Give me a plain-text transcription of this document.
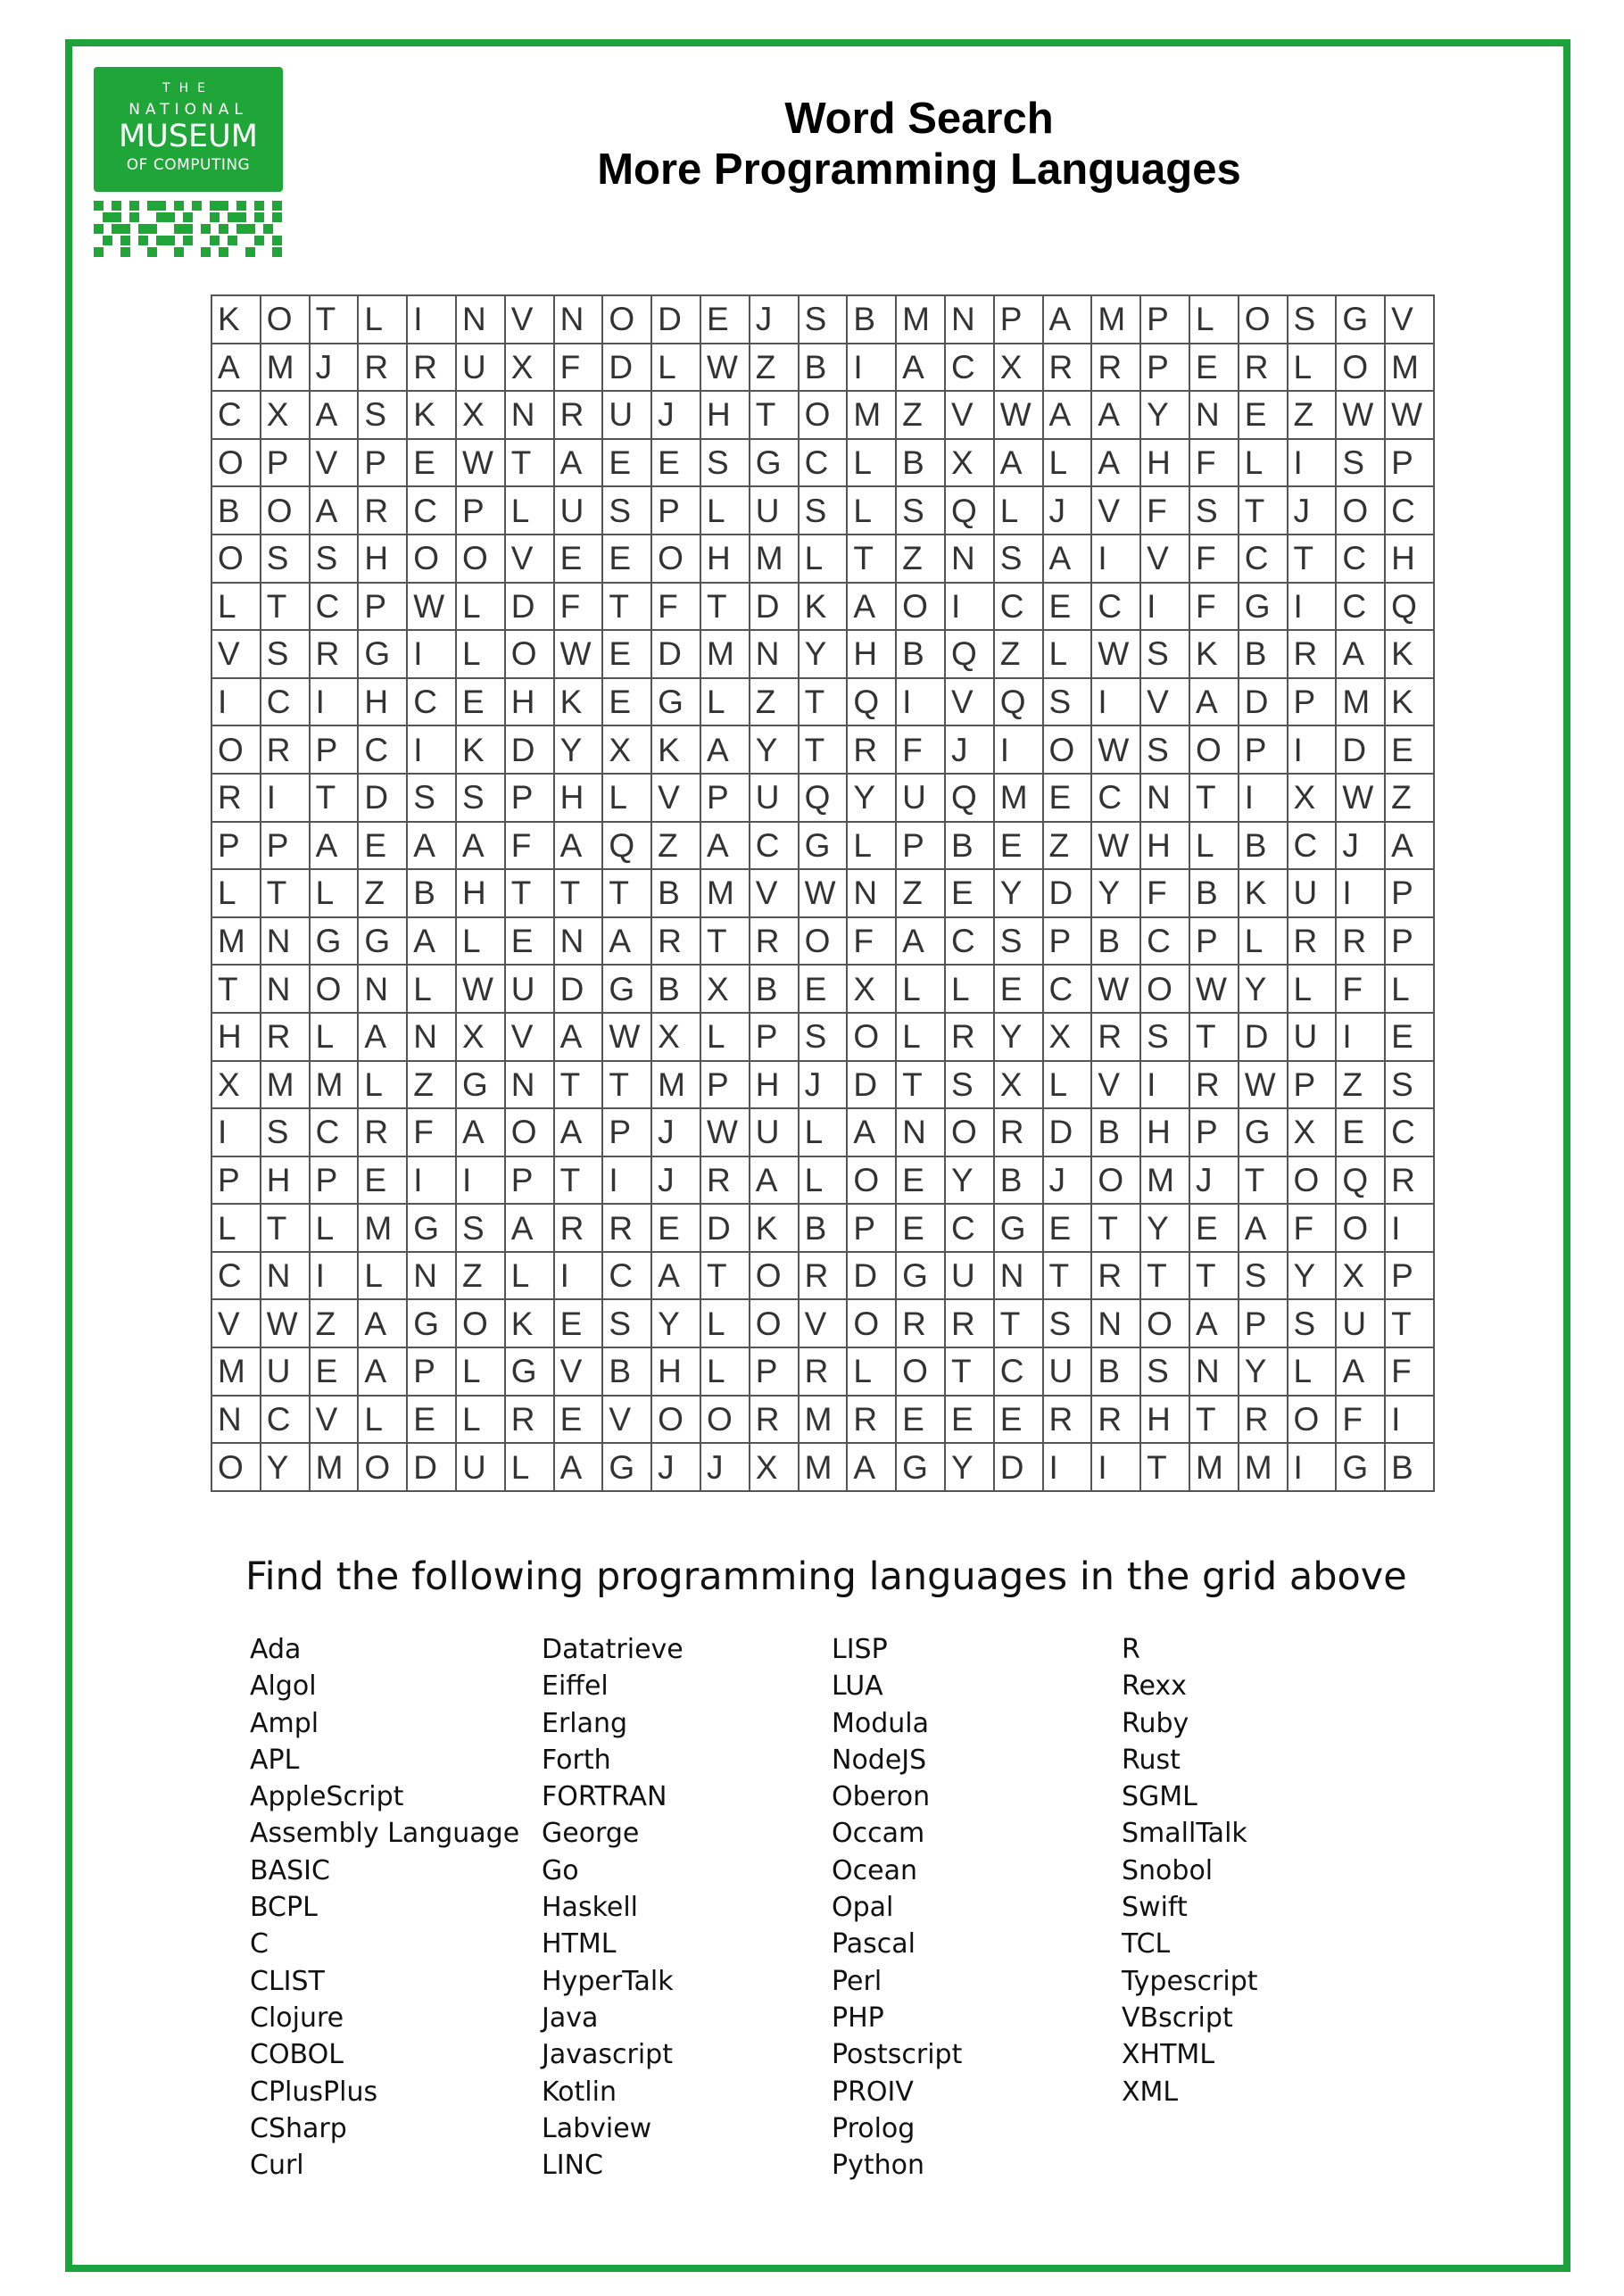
THE
NATIONAL
MUSEUM
OF COMPUTING
Word Search
More Programming Languages
K	O	T	L	I	N	V	N	O	D	E	J	S	B	M	N	P	A	M	P	L	O	S	G	V

A	M	J	R	R	U	X	F	D	L	W	Z	B	I	A	C	X	R	R	P	E	R	L	O	M

C	X	A	S	K	X	N	R	U	J	H	T	O	M	Z	V	W	A	A	Y	N	E	Z	W	W

O	P	V	P	E	W	T	A	E	E	S	G	C	L	B	X	A	L	A	H	F	L	I	S	P

B	O	A	R	C	P	L	U	S	P	L	U	S	L	S	Q	L	J	V	F	S	T	J	O	C

O	S	S	H	O	O	V	E	E	O	H	M	L	T	Z	N	S	A	I	V	F	C	T	C	H

L	T	C	P	W	L	D	F	T	F	T	D	K	A	O	I	C	E	C	I	F	G	I	C	Q

V	S	R	G	I	L	O	W	E	D	M	N	Y	H	B	Q	Z	L	W	S	K	B	R	A	K

I	C	I	H	C	E	H	K	E	G	L	Z	T	Q	I	V	Q	S	I	V	A	D	P	M	K

O	R	P	C	I	K	D	Y	X	K	A	Y	T	R	F	J	I	O	W	S	O	P	I	D	E

R	I	T	D	S	S	P	H	L	V	P	U	Q	Y	U	Q	M	E	C	N	T	I	X	W	Z

P	P	A	E	A	A	F	A	Q	Z	A	C	G	L	P	B	E	Z	W	H	L	B	C	J	A

L	T	L	Z	B	H	T	T	T	B	M	V	W	N	Z	E	Y	D	Y	F	B	K	U	I	P

M	N	G	G	A	L	E	N	A	R	T	R	O	F	A	C	S	P	B	C	P	L	R	R	P

T	N	O	N	L	W	U	D	G	B	X	B	E	X	L	L	E	C	W	O	W	Y	L	F	L

H	R	L	A	N	X	V	A	W	X	L	P	S	O	L	R	Y	X	R	S	T	D	U	I	E

X	M	M	L	Z	G	N	T	T	M	P	H	J	D	T	S	X	L	V	I	R	W	P	Z	S

I	S	C	R	F	A	O	A	P	J	W	U	L	A	N	O	R	D	B	H	P	G	X	E	C

P	H	P	E	I	I	P	T	I	J	R	A	L	O	E	Y	B	J	O	M	J	T	O	Q	R

L	T	L	M	G	S	A	R	R	E	D	K	B	P	E	C	G	E	T	Y	E	A	F	O	I

C	N	I	L	N	Z	L	I	C	A	T	O	R	D	G	U	N	T	R	T	T	S	Y	X	P

V	W	Z	A	G	O	K	E	S	Y	L	O	V	O	R	R	T	S	N	O	A	P	S	U	T

M	U	E	A	P	L	G	V	B	H	L	P	R	L	O	T	C	U	B	S	N	Y	L	A	F

N	C	V	L	E	L	R	E	V	O	O	R	M	R	E	E	E	R	R	H	T	R	O	F	I

O	Y	M	O	D	U	L	A	G	J	J	X	M	A	G	Y	D	I	I	T	M	M	I	G	B
Find the following programming languages in the grid above
Ada
Algol
Ampl
APL
AppleScript
Assembly Language
BASIC
BCPL
C
CLIST
Clojure
COBOL
CPlusPlus
CSharp
Curl
Datatrieve
Eiffel
Erlang
Forth
FORTRAN
George
Go
Haskell
HTML
HyperTalk
Java
Javascript
Kotlin
Labview
LINC
LISP
LUA
Modula
NodeJS
Oberon
Occam
Ocean
Opal
Pascal
Perl
PHP
Postscript
PROIV
Prolog
Python
R
Rexx
Ruby
Rust
SGML
SmallTalk
Snobol
Swift
TCL
Typescript
VBscript
XHTML
XML
